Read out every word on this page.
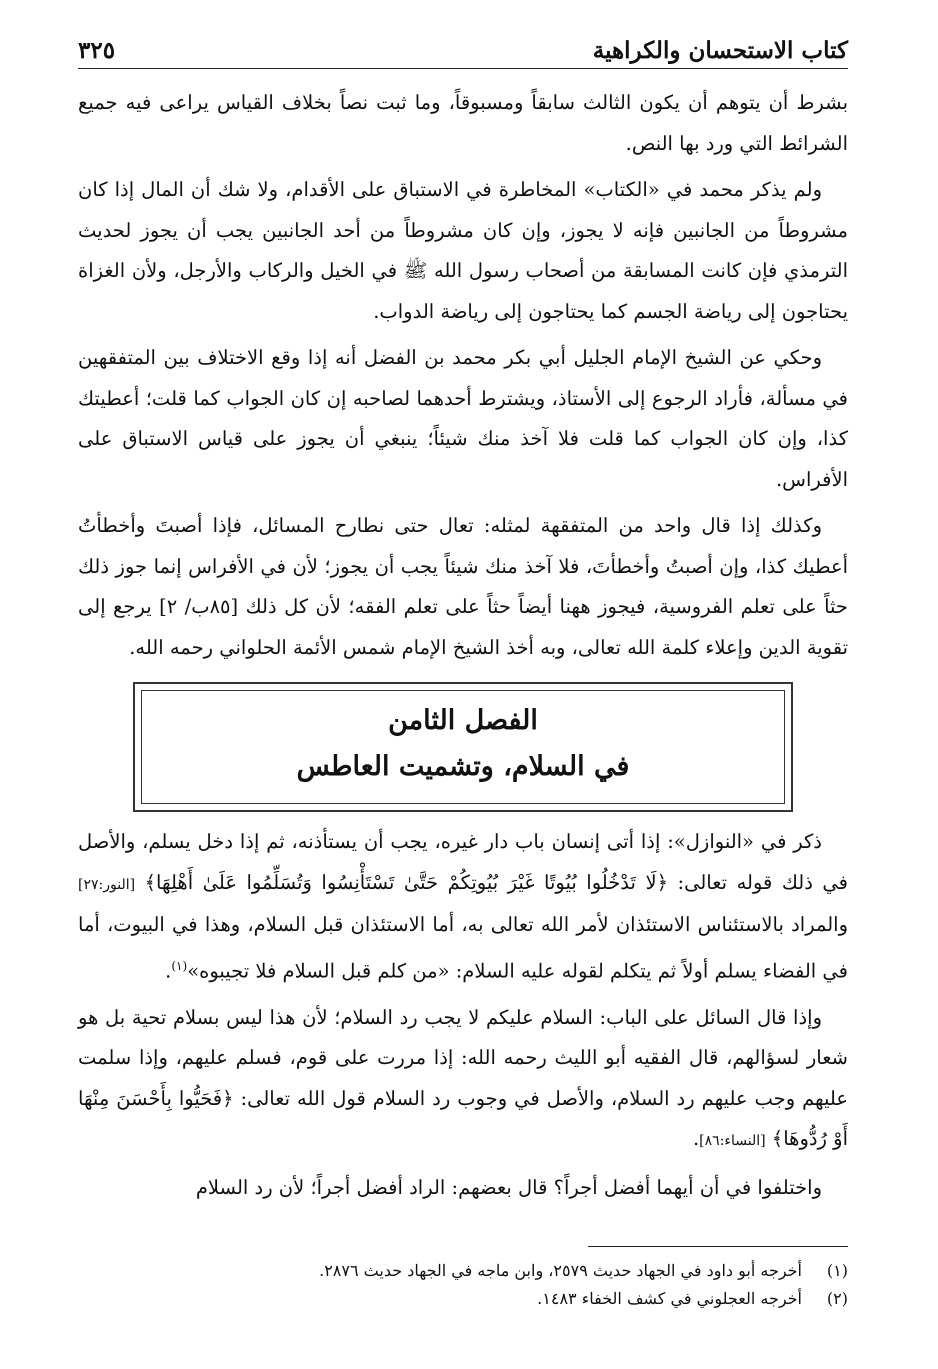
كتاب الاستحسان والكراهية
٣٢٥

بشرط أن يتوهم أن يكون الثالث سابقاً ومسبوقاً، وما ثبت نصاً بخلاف القياس يراعى فيه جميع الشرائط التي ورد بها النص.

ولم يذكر محمد في «الكتاب» المخاطرة في الاستباق على الأقدام، ولا شك أن المال إذا كان مشروطاً من الجانبين فإنه لا يجوز، وإن كان مشروطاً من أحد الجانبين يجب أن يجوز لحديث الترمذي فإن كانت المسابقة من أصحاب رسول الله ﷺ في الخيل والركاب والأرجل، ولأن الغزاة يحتاجون إلى رياضة الجسم كما يحتاجون إلى رياضة الدواب.

وحكي عن الشيخ الإمام الجليل أبي بكر محمد بن الفضل أنه إذا وقع الاختلاف بين المتفقهين في مسألة، فأراد الرجوع إلى الأستاذ، ويشترط أحدهما لصاحبه إن كان الجواب كما قلت؛ أعطيتك كذا، وإن كان الجواب كما قلت فلا آخذ منك شيئاً؛ ينبغي أن يجوز على قياس الاستباق على الأفراس.

وكذلك إذا قال واحد من المتفقهة لمثله: تعال حتى نطارح المسائل، فإذا أصبتَ وأخطأتُ أعطيك كذا، وإن أصبتُ وأخطأتَ، فلا آخذ منك شيئاً يجب أن يجوز؛ لأن في الأفراس إنما جوز ذلك حثاً على تعلم الفروسية، فيجوز ههنا أيضاً حثاً على تعلم الفقه؛ لأن كل ذلك [٨٥ب/ ٢] يرجع إلى تقوية الدين وإعلاء كلمة الله تعالى، وبه أخذ الشيخ الإمام شمس الأئمة الحلواني رحمه الله.

الفصل الثامن
في السلام، وتشميت العاطس

ذكر في «النوازل»: إذا أتى إنسان باب دار غيره، يجب أن يستأذنه، ثم إذا دخل يسلم، والأصل في ذلك قوله تعالى: ﴿لَا تَدْخُلُوا بُيُوتًا غَيْرَ بُيُوتِكُمْ حَتَّىٰ تَسْتَأْنِسُوا وَتُسَلِّمُوا عَلَىٰ أَهْلِهَا﴾ [النور:٢٧] والمراد بالاستئناس الاستئذان لأمر الله تعالى به، أما الاستئذان قبل السلام، وهذا في البيوت، أما في الفضاء يسلم أولاً ثم يتكلم لقوله عليه السلام: «من كلم قبل السلام فلا تجيبوه»$^{(١)}$.

وإذا قال السائل على الباب: السلام عليكم لا يجب رد السلام؛ لأن هذا ليس بسلام تحية بل هو شعار لسؤالهم، قال الفقيه أبو الليث رحمه الله: إذا مررت على قوم، فسلم عليهم، وإذا سلمت عليهم وجب عليهم رد السلام، والأصل في وجوب رد السلام قول الله تعالى: ﴿فَحَيُّوا بِأَحْسَنَ مِنْهَا أَوْ رُدُّوهَا﴾ [النساء:٨٦].

واختلفوا في أن أيهما أفضل أجراً؟ قال بعضهم: الراد أفضل أجراً؛ لأن رد السلام

(١)
أخرجه أبو داود في الجهاد حديث ٢٥٧٩، وابن ماجه في الجهاد حديث ٢٨٧٦.
(٢)
أخرجه العجلوني في كشف الخفاء ١٤٨٣.
